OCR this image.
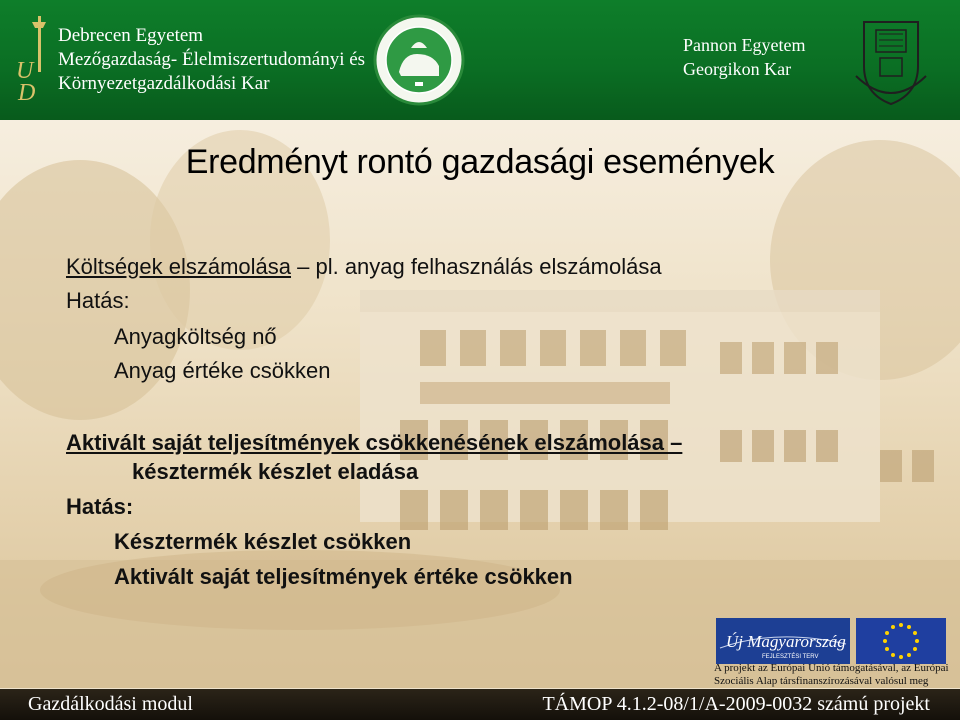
U
D
Debrecen Egyetem
Mezőgazdaság- Élelmiszertudományi és
Környezetgazdálkodási Kar
Pannon Egyetem
Georgikon Kar
Eredményt rontó gazdasági események
Költségek elszámolása – pl. anyag felhasználás elszámolása
Hatás:
Anyagköltség nő
Anyag értéke csökken
Aktivált saját teljesítmények csökkenésének elszámolása –
késztermék készlet eladása
Hatás:
Késztermék készlet csökken
Aktivált saját teljesítmények értéke csökken
Új Magyarország
FEJLESZTÉSI TERV
A projekt az Európai Unió támogatásával, az Európai
Szociális Alap társfinanszírozásával valósul meg
Gazdálkodási modul	TÁMOP 4.1.2-08/1/A-2009-0032 számú projekt
